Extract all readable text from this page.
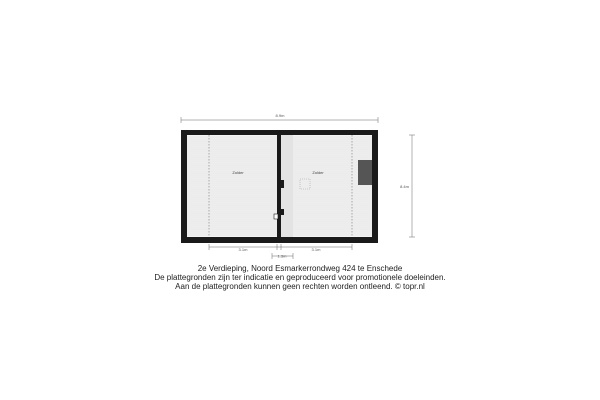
Zolder	Zolder
8.9m
8.4m
3.1m	3.1m
1.3m
2e Verdieping, Noord Esmarkerrondweg 424 te Enschede
De plattegronden zijn ter indicatie en geproduceerd voor promotionele doeleinden.
Aan de plattegronden kunnen geen rechten worden ontleend. © topr.nl
